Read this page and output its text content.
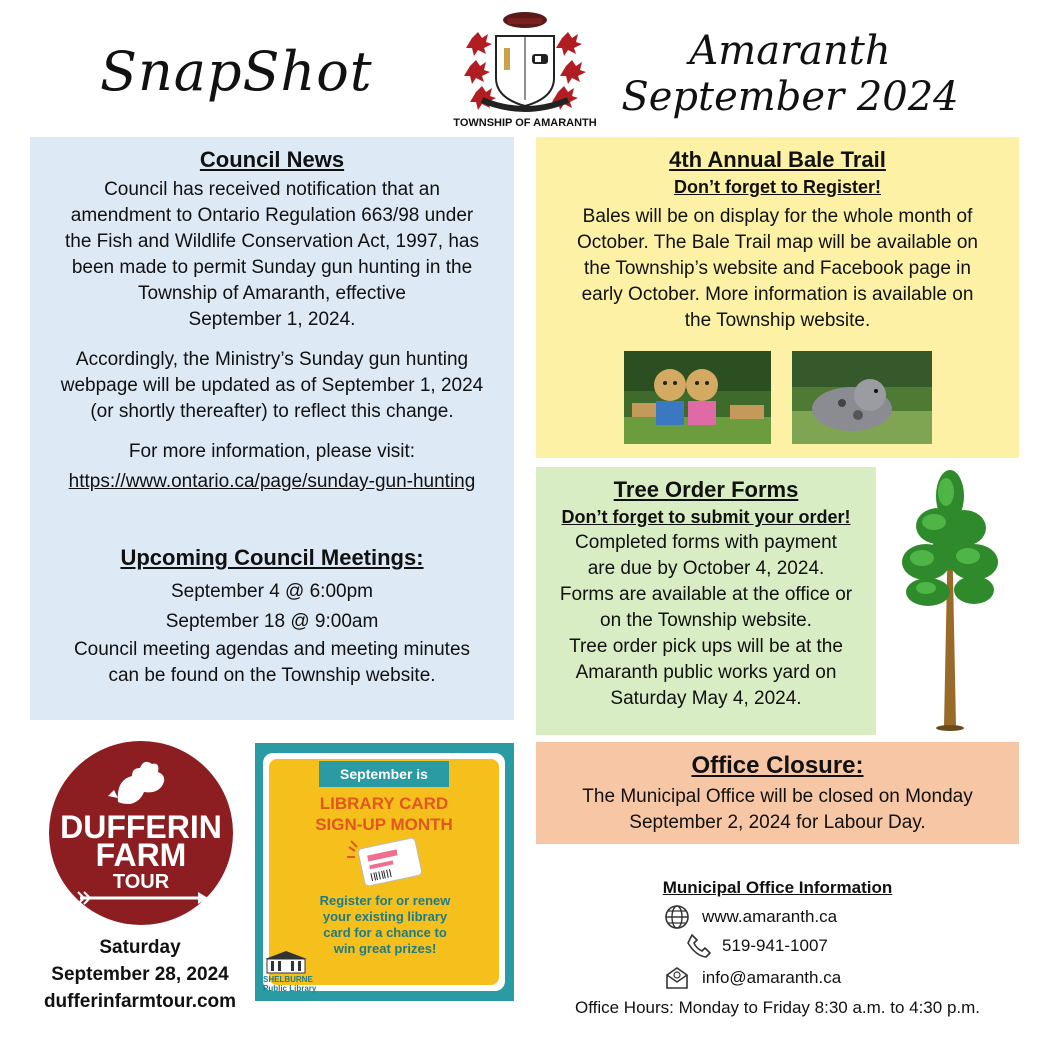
SnapShot
TOWNSHIP OF AMARANTH
Amaranth
September 2024
Council News

Council has received notification that an

amendment to Ontario Regulation 663/98 under

the Fish and Wildlife Conservation Act, 1997, has

been made to permit Sunday gun hunting in the

Township of Amaranth, effective

September 1, 2024.

Accordingly, the Ministry’s Sunday gun hunting

webpage will be updated as of September 1, 2024

(or shortly thereafter) to reflect this change.

For more information, please visit:

https://www.ontario.ca/page/sunday-gun-hunting

Upcoming Council Meetings:

September 4 @ 6:00pm

September 18 @ 9:00am

Council meeting agendas and meeting minutes

can be found on the Township website.

4th Annual Bale Trail
Don’t forget to Register!

Bales will be on display for the whole month of

October. The Bale Trail map will be available on

the Township’s website and Facebook page in

early October. More information is available on

the Township website.

Tree Order Forms
Don’t forget to submit your order!

Completed forms with payment

are due by October 4, 2024.

Forms are available at the office or

on the Township website.

Tree order pick ups will be at the

Amaranth public works yard on

Saturday May 4, 2024.

Office Closure:

The Municipal Office will be closed on Monday

September 2, 2024 for Labour Day.

DUFFERIN
FARM
TOUR
Saturday
September 28, 2024
dufferinfarmtour.com
September is
LIBRARY CARD
SIGN-UP MONTH
Register for or renew
your existing library
card for a chance to
win great prizes!
SHELBURNE
Public Library
Municipal Office Information
www.amaranth.ca
519-941-1007
info@amaranth.ca
Office Hours: Monday to Friday 8:30 a.m. to 4:30 p.m.
